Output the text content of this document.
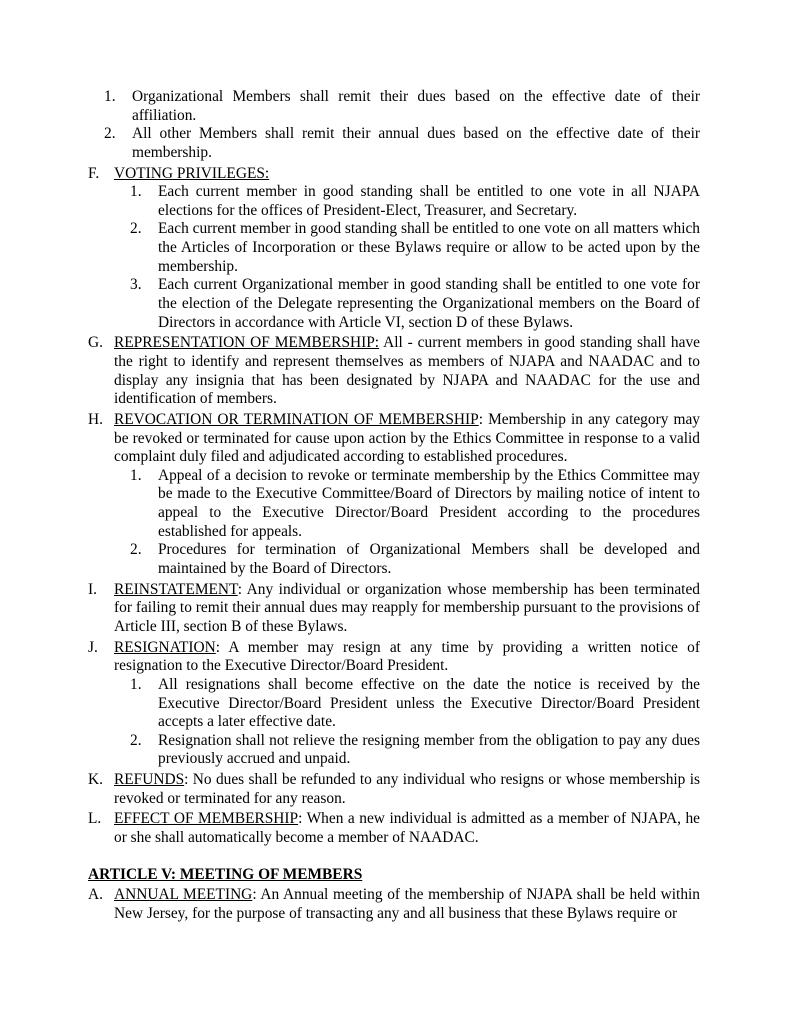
1.	Organizational Members shall remit their dues based on the effective date of their affiliation.
2.	All other Members shall remit their annual dues based on the effective date of their membership.
F. VOTING PRIVILEGES:
1.	Each current member in good standing shall be entitled to one vote in all NJAPA elections for the offices of President-Elect, Treasurer, and Secretary.
2.	Each current member in good standing shall be entitled to one vote on all matters which the Articles of Incorporation or these Bylaws require or allow to be acted upon by the membership.
3.	Each current Organizational member in good standing shall be entitled to one vote for the election of the Delegate representing the Organizational members on the Board of Directors in accordance with Article VI, section D of these Bylaws.
G. REPRESENTATION OF MEMBERSHIP: All - current members in good standing shall have the right to identify and represent themselves as members of NJAPA and NAADAC and to display any insignia that has been designated by NJAPA and NAADAC for the use and identification of members.
H. REVOCATION OR TERMINATION OF MEMBERSHIP: Membership in any category may be revoked or terminated for cause upon action by the Ethics Committee in response to a valid complaint duly filed and adjudicated according to established procedures.
1.	Appeal of a decision to revoke or terminate membership by the Ethics Committee may be made to the Executive Committee/Board of Directors by mailing notice of intent to appeal to the Executive Director/Board President according to the procedures established for appeals.
2.	Procedures for termination of Organizational Members shall be developed and maintained by the Board of Directors.
I.	REINSTATEMENT: Any individual or organization whose membership has been terminated for failing to remit their annual dues may reapply for membership pursuant to the provisions of Article III, section B of these Bylaws.
J.	RESIGNATION: A member may resign at any time by providing a written notice of resignation to the Executive Director/Board President.
1.	All resignations shall become effective on the date the notice is received by the Executive Director/Board President unless the Executive Director/Board President accepts a later effective date.
2.	Resignation shall not relieve the resigning member from the obligation to pay any dues previously accrued and unpaid.
K. REFUNDS: No dues shall be refunded to any individual who resigns or whose membership is revoked or terminated for any reason.
L. EFFECT OF MEMBERSHIP: When a new individual is admitted as a member of NJAPA, he or she shall automatically become a member of NAADAC.
ARTICLE V: MEETING OF MEMBERS
A. ANNUAL MEETING: An Annual meeting of the membership of NJAPA shall be held within New Jersey, for the purpose of transacting any and all business that these Bylaws require or
